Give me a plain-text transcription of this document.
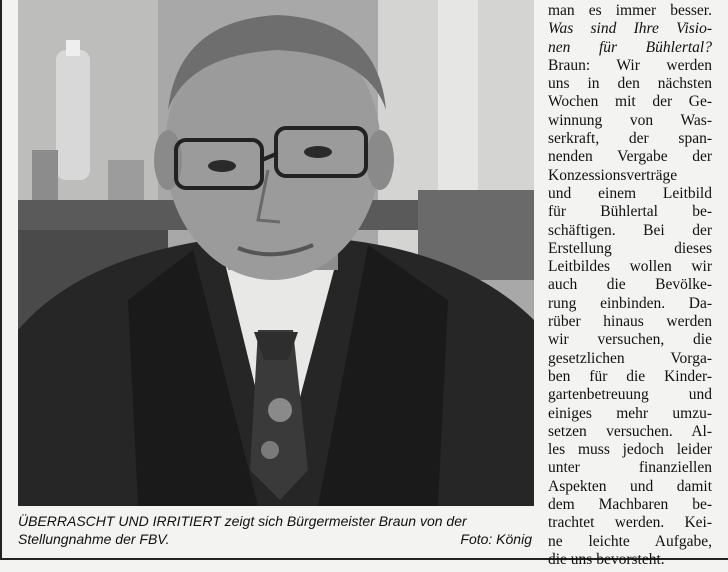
ÜBERRASCHT UND IRRITIERT zeigt sich Bürgermeister Braun von der
Stellungnahme der FBV.	Foto: König
man es immer besser.
Was sind Ihre Visio-
nen für Bühlertal?
Braun: Wir werden
uns in den nächsten
Wochen mit der Ge-
winnung von Was-
serkraft, der span-
nenden Vergabe der
Konzessionsverträge
und einem Leitbild
für Bühlertal be-
schäftigen. Bei der
Erstellung dieses
Leitbildes wollen wir
auch die Bevölke-
rung einbinden. Da-
rüber hinaus werden
wir versuchen, die
gesetzlichen Vorga-
ben für die Kinder-
gartenbetreuung und
einiges mehr umzu-
setzen versuchen. Al-
les muss jedoch leider
unter finanziellen
Aspekten und damit
dem Machbaren be-
trachtet werden. Kei-
ne leichte Aufgabe,
die uns bevorsteht.
